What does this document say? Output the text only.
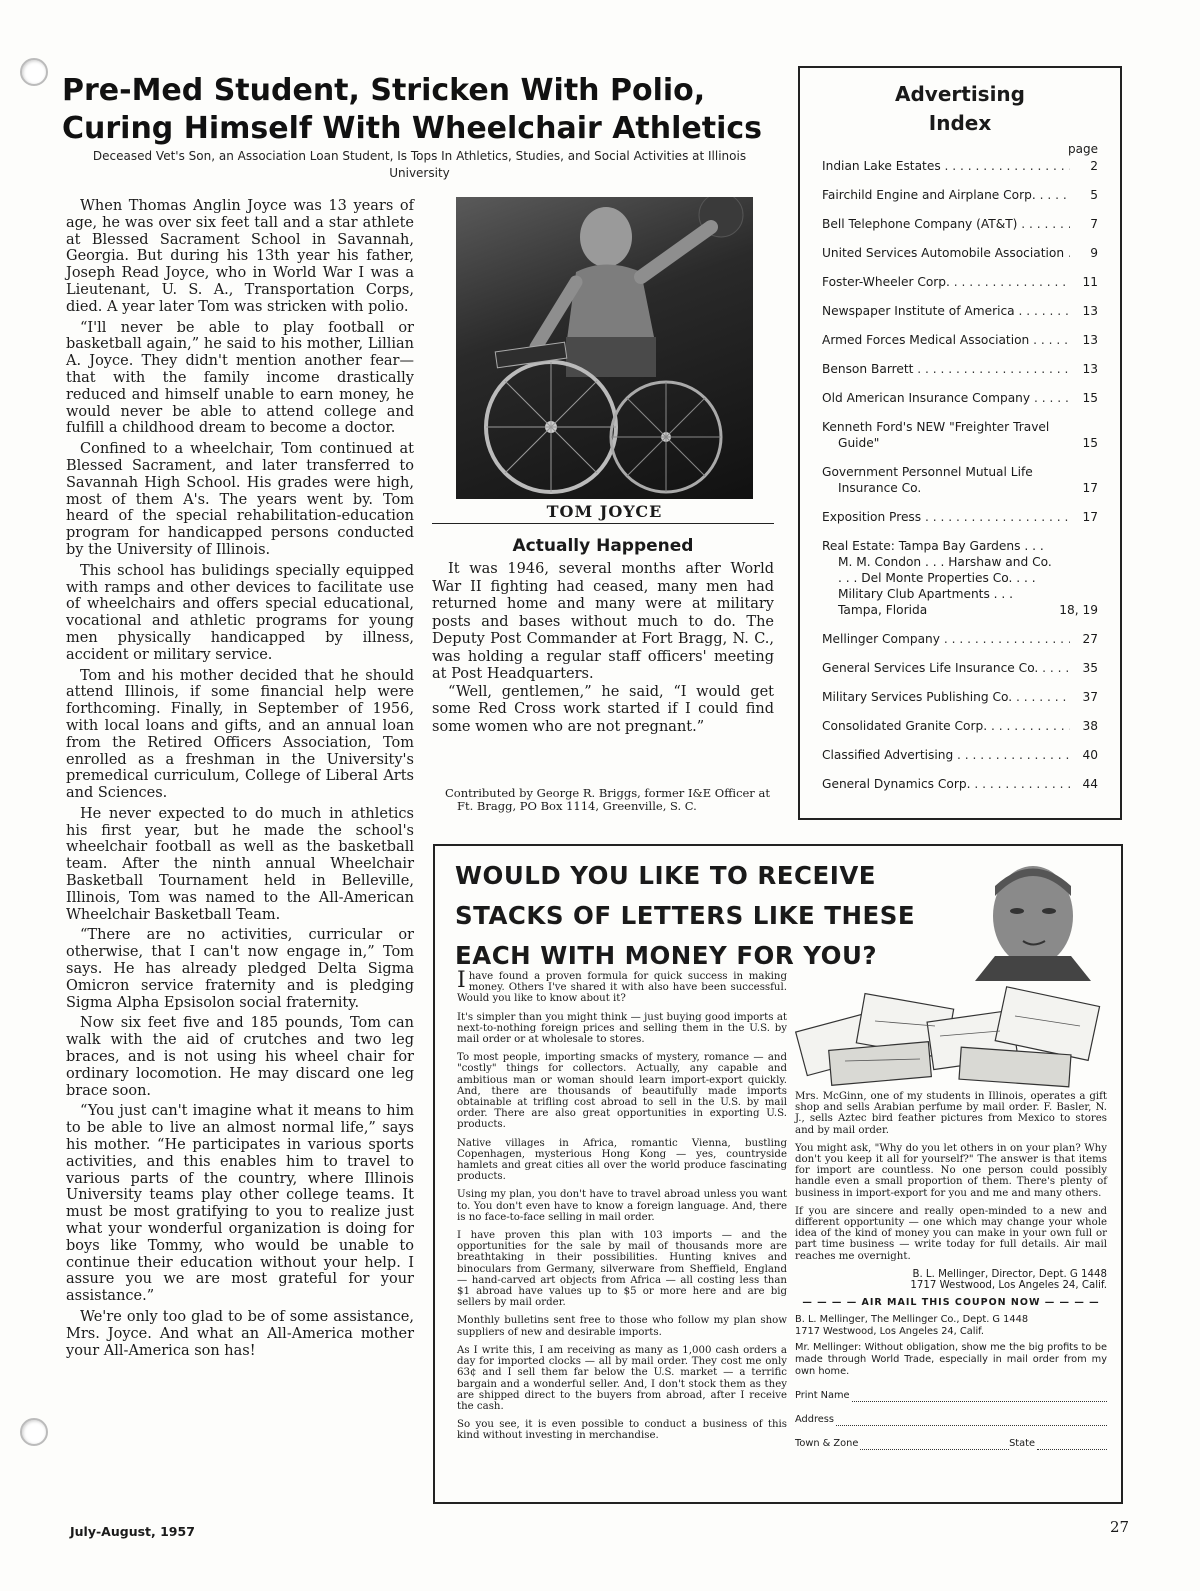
Pre-Med Student, Stricken With Polio,
Curing Himself With Wheelchair Athletics
Deceased Vet's Son, an Association Loan Student, Is Tops In Athletics, Studies, and Social Activities at Illinois University

When Thomas Anglin Joyce was 13 years of age, he was over six feet tall and a star athlete at Blessed Sacrament School in Savannah, Georgia. But during his 13th year his father, Joseph Read Joyce, who in World War I was a Lieutenant, U. S. A., Transportation Corps, died. A year later Tom was stricken with polio.

“I'll never be able to play football or basketball again,” he said to his mother, Lillian A. Joyce. They didn't mention another fear—that with the family income drastically reduced and himself unable to earn money, he would never be able to attend college and fulfill a childhood dream to become a doctor.

Confined to a wheelchair, Tom continued at Blessed Sacrament, and later transferred to Savannah High School. His grades were high, most of them A's. The years went by. Tom heard of the special rehabilitation-education program for handicapped persons conducted by the University of Illinois.

This school has bulidings specially equipped with ramps and other devices to facilitate use of wheelchairs and offers special educational, vocational and athletic programs for young men physically handicapped by illness, accident or military service.

Tom and his mother decided that he should attend Illinois, if some financial help were forthcoming. Finally, in September of 1956, with local loans and gifts, and an annual loan from the Retired Officers Association, Tom enrolled as a freshman in the University's premedical curriculum, College of Liberal Arts and Sciences.

He never expected to do much in athletics his first year, but he made the school's wheelchair football as well as the basketball team. After the ninth annual Wheelchair Basketball Tournament held in Belleville, Illinois, Tom was named to the All-American Wheelchair Basketball Team.

“There are no activities, curricular or otherwise, that I can't now engage in,” Tom says. He has already pledged Delta Sigma Omicron service fraternity and is pledging Sigma Alpha Epsisolon social fraternity.

Now six feet five and 185 pounds, Tom can walk with the aid of crutches and two leg braces, and is not using his wheel chair for ordinary locomotion. He may discard one leg brace soon.

“You just can't imagine what it means to him to be able to live an almost normal life,” says his mother. “He participates in various sports activities, and this enables him to travel to various parts of the country, where Illinois University teams play other college teams. It must be most gratifying to you to realize just what your wonderful organization is doing for boys like Tommy, who would be unable to continue their education without your help. I assure you we are most grateful for your assistance.”

We're only too glad to be of some assistance, Mrs. Joyce. And what an All-America mother your All-America son has!

TOM JOYCE
Actually Happened

It was 1946, several months after World War II fighting had ceased, many men had returned home and many were at military posts and bases without much to do. The Deputy Post Commander at Fort Bragg, N. C., was holding a regular staff officers' meeting at Post Headquarters.

“Well, gentlemen,” he said, “I would get some Red Cross work started if I could find some women who are not pregnant.”

Contributed by George R. Briggs, former I&E Officer at Ft. Bragg, PO Box 1114, Greenville, S. C.
Advertising
Index
page
Indian Lake Estates . . .	2
Fairchild Engine and Airplane Corp. . . .	5
Bell Telephone Company (AT&T) . . .	7
United Services Automobile Association . . .	9
Foster-Wheeler Corp. . . .	11
Newspaper Institute of America . . .	13
Armed Forces Medical Association . . .	13
Benson Barrett . . .	13
Old American Insurance Company . . .	15
Kenneth Ford's NEW "Freighter Travel Guide"	15
Government Personnel Mutual Life Insurance Co.	17
Exposition Press . . .	17
Real Estate: Tampa Bay Gardens . . . M. M. Condon . . . Harshaw and Co. . . . Del Monte Properties Co. . . . Military Club Apartments . . . Tampa, Florida	18, 19
Mellinger Company . . .	27
General Services Life Insurance Co. . . .	35
Military Services Publishing Co. . . .	37
Consolidated Granite Corp. . . .	38
Classified Advertising . . .	40
General Dynamics Corp. . . .	44
WOULD YOU LIKE TO RECEIVE
STACKS OF LETTERS LIKE THESE
EACH WITH MONEY FOR YOU?

Ihave found a proven formula for quick success in making money. Others I've shared it with also have been successful. Would you like to know about it?

It's simpler than you might think — just buying good imports at next-to-nothing foreign prices and selling them in the U.S. by mail order or at wholesale to stores.

To most people, importing smacks of mystery, romance — and "costly" things for collectors. Actually, any capable and ambitious man or woman should learn import-export quickly. And, there are thousands of beautifully made imports obtainable at trifling cost abroad to sell in the U.S. by mail order. There are also great opportunities in exporting U.S. products.

Native villages in Africa, romantic Vienna, bustling Copenhagen, mysterious Hong Kong — yes, countryside hamlets and great cities all over the world produce fascinating products.

Using my plan, you don't have to travel abroad unless you want to. You don't even have to know a foreign language. And, there is no face-to-face selling in mail order.

I have proven this plan with 103 imports — and the opportunities for the sale by mail of thousands more are breathtaking in their possibilities. Hunting knives and binoculars from Germany, silverware from Sheffield, England — hand-carved art objects from Africa — all costing less than $1 abroad have values up to $5 or more here and are big sellers by mail order.

Monthly bulletins sent free to those who follow my plan show suppliers of new and desirable imports.

As I write this, I am receiving as many as 1,000 cash orders a day for imported clocks — all by mail order. They cost me only 63¢ and I sell them far below the U.S. market — a terrific bargain and a wonderful seller. And, I don't stock them as they are shipped direct to the buyers from abroad, after I receive the cash.

So you see, it is even possible to conduct a business of this kind without investing in merchandise.

Mrs. McGinn, one of my students in Illinois, operates a gift shop and sells Arabian perfume by mail order. F. Basler, N. J., sells Aztec bird feather pictures from Mexico to stores and by mail order.

You might ask, "Why do you let others in on your plan? Why don't you keep it all for yourself?" The answer is that items for import are countless. No one person could possibly handle even a small proportion of them. There's plenty of business in import-export for you and me and many others.

If you are sincere and really open-minded to a new and different opportunity — one which may change your whole idea of the kind of money you can make in your own full or part time business — write today for full details. Air mail reaches me overnight.

B. L. Mellinger, Director, Dept. G 1448
1717 Westwood, Los Angeles 24, Calif.
— — — — AIR MAIL THIS COUPON NOW — — — —
B. L. Mellinger, The Mellinger Co., Dept. G 1448
1717 Westwood, Los Angeles 24, Calif.
Mr. Mellinger: Without obligation, show me the big profits to be made through World Trade, especially in mail order from my own home.
Print Name
Address
Town & Zone	State
July-August, 1957	27
